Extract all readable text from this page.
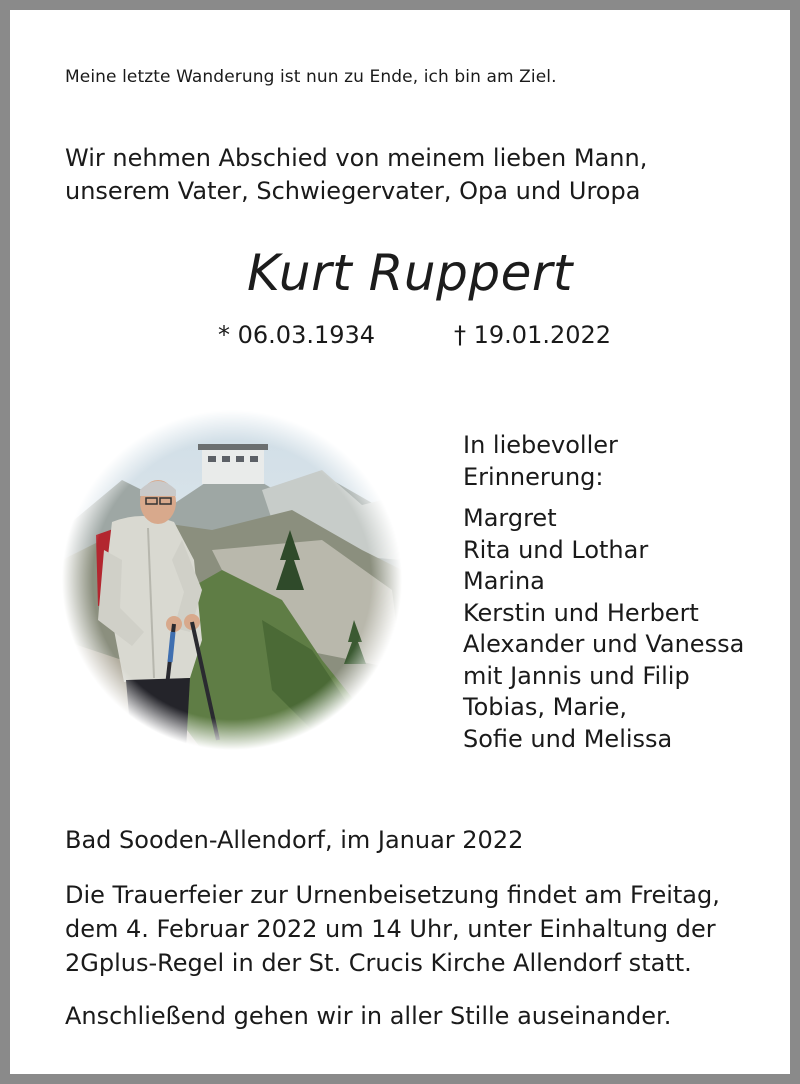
Meine letzte Wanderung ist nun zu Ende, ich bin am Ziel.
Wir nehmen Abschied von meinem lieben Mann,
unserem Vater, Schwiegervater, Opa und Uropa
Kurt Ruppert
* 06.03.1934	† 19.01.2022
In liebevoller
Erinnerung:
Margret
Rita und Lothar
Marina
Kerstin und Herbert
Alexander und Vanessa
mit Jannis und Filip
Tobias, Marie,
Sofie und Melissa
Bad Sooden-Allendorf, im Januar 2022
Die Trauerfeier zur Urnenbeisetzung findet am Freitag,
dem 4. Februar 2022 um 14 Uhr, unter Einhaltung der
2Gplus-Regel in der St. Crucis Kirche Allendorf statt.
Anschließend gehen wir in aller Stille auseinander.
